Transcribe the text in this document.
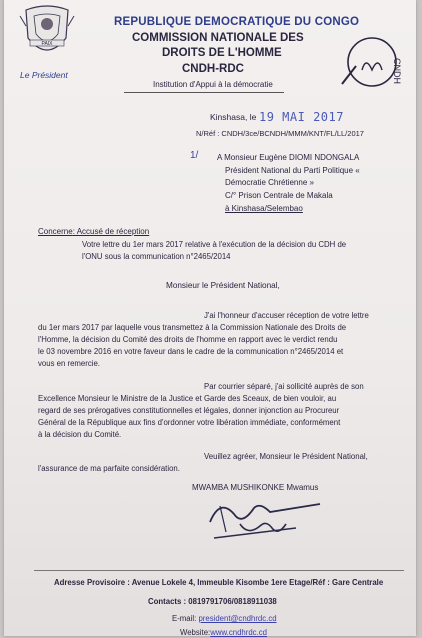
PAIX
Le Président
REPUBLIQUE DEMOCRATIQUE DU CONGO
COMMISSION NATIONALE DES
DROITS DE L'HOMME
CNDH-RDC
Institution d'Appui à la démocratie
CNDH
Kinshasa, le 19 MAI 2017
N/Réf : CNDH/3ce/BCNDH/MMM/KNT/FL/LL/2017
1/ A Monsieur Eugène DIOMI NDONGALA
Président National du Parti Politique «
Démocratie Chrétienne »
C/° Prison Centrale de Makala
à Kinshasa/Selembao
Concerne: Accusé de réception
Votre lettre du 1er mars 2017 relative à l'exécution de la décision du CDH de
l'ONU sous la communication n°2465/2014
Monsieur le Président National,
J'ai l'honneur d'accuser réception de votre lettre
du 1er mars 2017 par laquelle vous transmettez à la Commission Nationale des Droits de
l'Homme, la décision du Comité des droits de l'homme en rapport avec le verdict rendu
le 03 novembre 2016 en votre faveur dans le cadre de la communication n°2465/2014 et
vous en remercie.
Par courrier séparé, j'ai sollicité auprès de son
Excellence Monsieur le Ministre de la Justice et Garde des Sceaux, de bien vouloir, au
regard de ses prérogatives constitutionnelles et légales, donner injonction au Procureur
Général de la République aux fins d'ordonner votre libération immédiate, conformément
à la décision du Comité.
Veuillez agréer, Monsieur le Président National,
l'assurance de ma parfaite considération.
MWAMBA MUSHIKONKE Mwamus
Adresse Provisoire : Avenue Lokele 4, Immeuble Kisombe 1ere Etage/Réf : Gare Centrale
Contacts : 0819791706/0818911038
E-mail: president@cndhrdc.cd
Website:www.cndhrdc.cd
